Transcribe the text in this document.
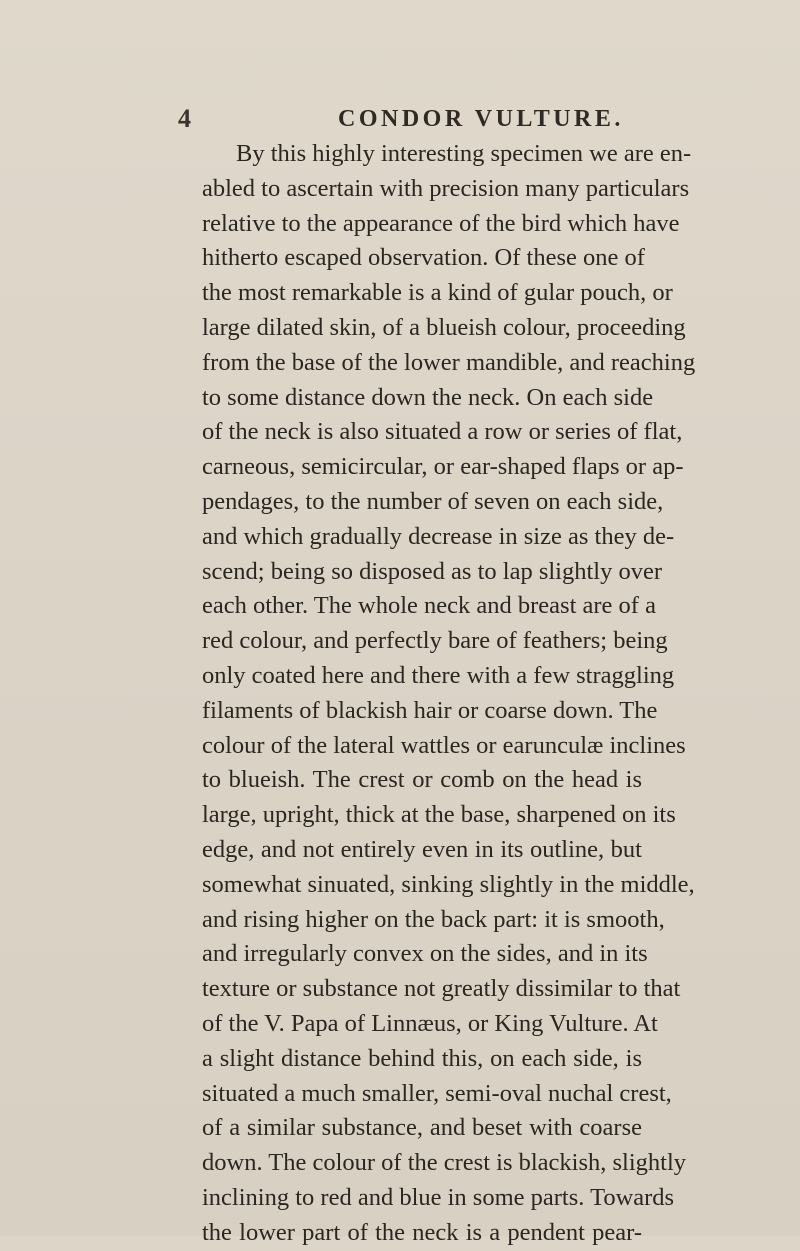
4	CONDOR VULTURE.
By this highly interesting specimen we are en-
abled to ascertain with precision many particulars
relative to the appearance of the bird which have
hitherto escaped observation. Of these one of
the most remarkable is a kind of gular pouch, or
large dilated skin, of a blueish colour, proceeding
from the base of the lower mandible, and reaching
to some distance down the neck. On each side
of the neck is also situated a row or series of flat,
carneous, semicircular, or ear-shaped flaps or ap-
pendages, to the number of seven on each side,
and which gradually decrease in size as they de-
scend; being so disposed as to lap slightly over
each other. The whole neck and breast are of a
red colour, and perfectly bare of feathers; being
only coated here and there with a few straggling
filaments of blackish hair or coarse down. The
colour of the lateral wattles or earunculæ inclines
to blueish. The crest or comb on the head is
large, upright, thick at the base, sharpened on its
edge, and not entirely even in its outline, but
somewhat sinuated, sinking slightly in the middle,
and rising higher on the back part: it is smooth,
and irregularly convex on the sides, and in its
texture or substance not greatly dissimilar to that
of the V. Papa of Linnæus, or King Vulture. At
a slight distance behind this, on each side, is
situated a much smaller, semi-oval nuchal crest,
of a similar substance, and beset with coarse
down. The colour of the crest is blackish, slightly
inclining to red and blue in some parts. Towards
the lower part of the neck is a pendent pear-
